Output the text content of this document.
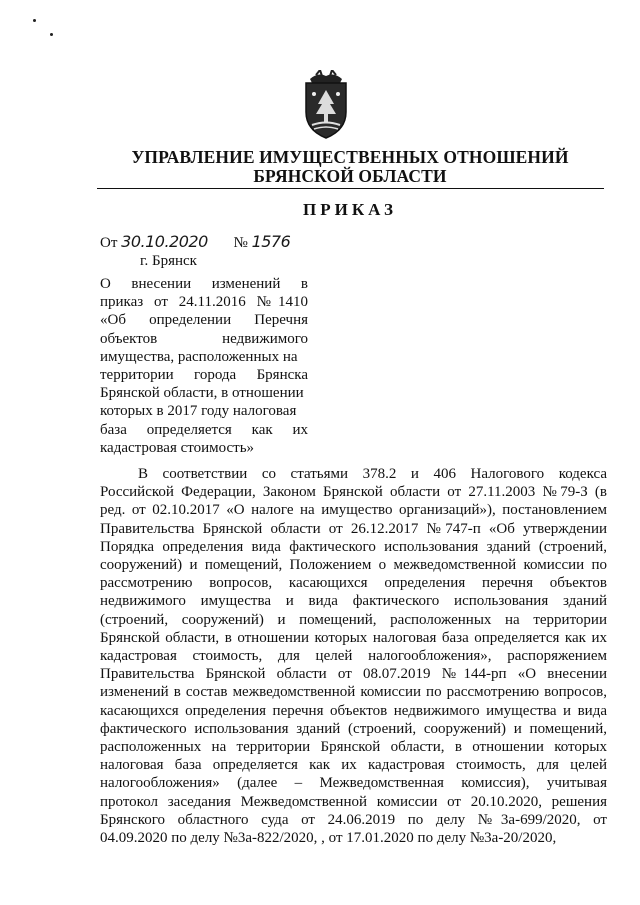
УПРАВЛЕНИЕ ИМУЩЕСТВЕННЫХ ОТНОШЕНИЙ
БРЯНСКОЙ ОБЛАСТИ
ПРИКАЗ
От 30.10.2020 № 1576
г. Брянск
О внесении изменений в
приказ от 24.11.2016 №1410
«Об определении Перечня
объектов недвижимого
имущества, расположенных на
территории города Брянска
Брянской области, в отношении
которых в 2017 году налоговая
база определяется как их
кадастровая стоимость»
В соответствии со статьями 378.2 и 406 Налогового кодекса
Российской Федерации, Законом Брянской области от 27.11.2003 №79-З (в
ред. от 02.10.2017 «О налоге на имущество организаций»), постановлением
Правительства Брянской области от 26.12.2017 №747-п «Об утверждении
Порядка определения вида фактического использования зданий (строений,
сооружений) и помещений, Положением о межведомственной комиссии по
рассмотрению вопросов, касающихся определения перечня объектов
недвижимого имущества и вида фактического использования зданий
(строений, сооружений) и помещений, расположенных на территории
Брянской области, в отношении которых налоговая база определяется как их
кадастровая стоимость, для целей налогообложения», распоряжением
Правительства Брянской области от 08.07.2019 №144-рп «О внесении
изменений в состав межведомственной комиссии по рассмотрению вопросов,
касающихся определения перечня объектов недвижимого имущества и вида
фактического использования зданий (строений, сооружений) и помещений,
расположенных на территории Брянской области, в отношении которых
налоговая база определяется как их кадастровая стоимость, для целей
налогообложения» (далее – Межведомственная комиссия), учитывая
протокол заседания Межведомственной комиссии от 20.10.2020, решения
Брянского областного суда от 24.06.2019 по делу №3а-699/2020, от
04.09.2020 по делу №3а-822/2020, , от 17.01.2020 по делу №3а-20/2020,
